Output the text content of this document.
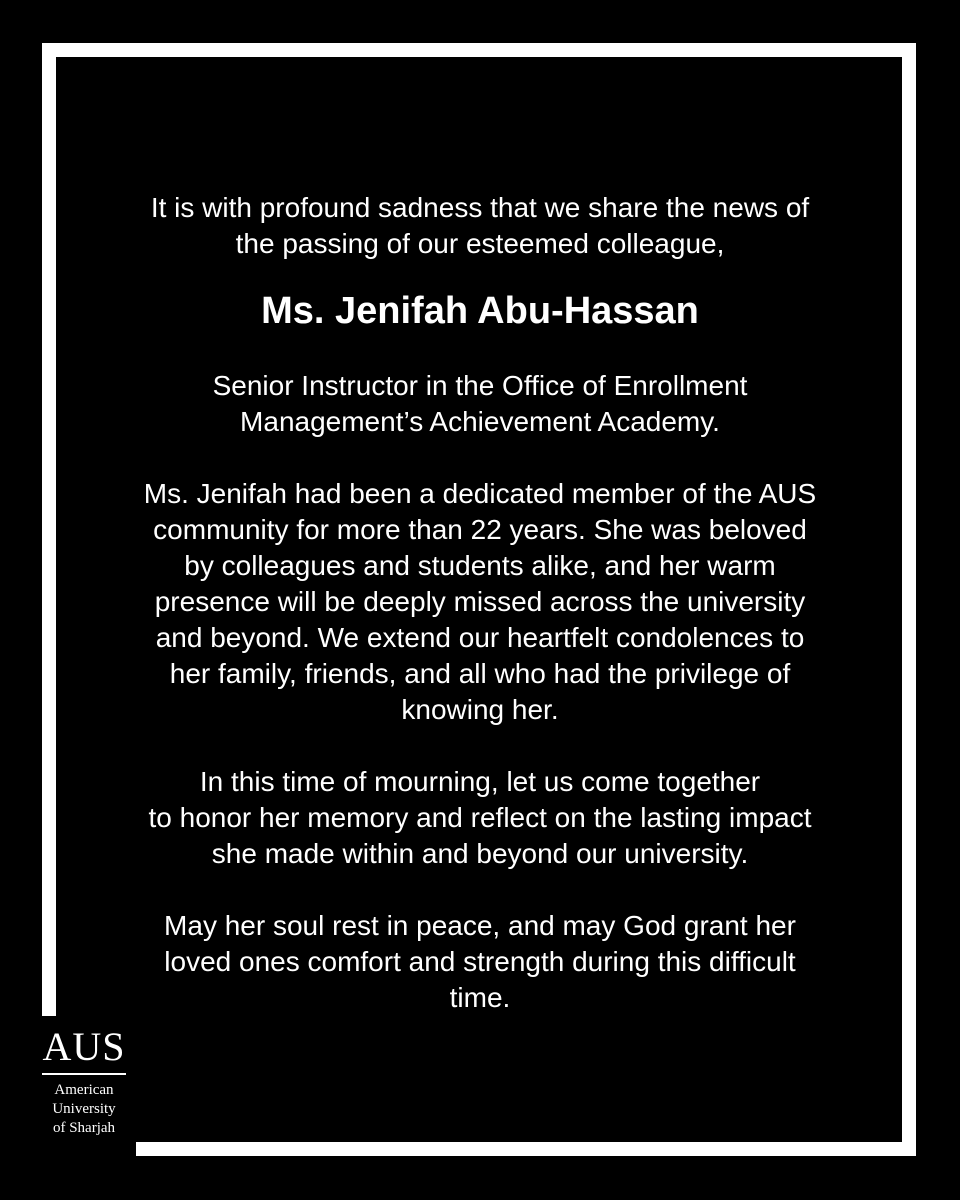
It is with profound sadness that we share the news of
the passing of our esteemed colleague,

Ms. Jenifah Abu-Hassan

Senior Instructor in the Office of Enrollment
Management’s Achievement Academy.

Ms. Jenifah had been a dedicated member of the AUS
community for more than 22 years. She was beloved
by colleagues and students alike, and her warm
presence will be deeply missed across the university
and beyond. We extend our heartfelt condolences to
her family, friends, and all who had the privilege of
knowing her.

In this time of mourning, let us come together
to honor her memory and reflect on the lasting impact
she made within and beyond our university.

May her soul rest in peace, and may God grant her
loved ones comfort and strength during this difficult
time.

AUS
American
University
of Sharjah
